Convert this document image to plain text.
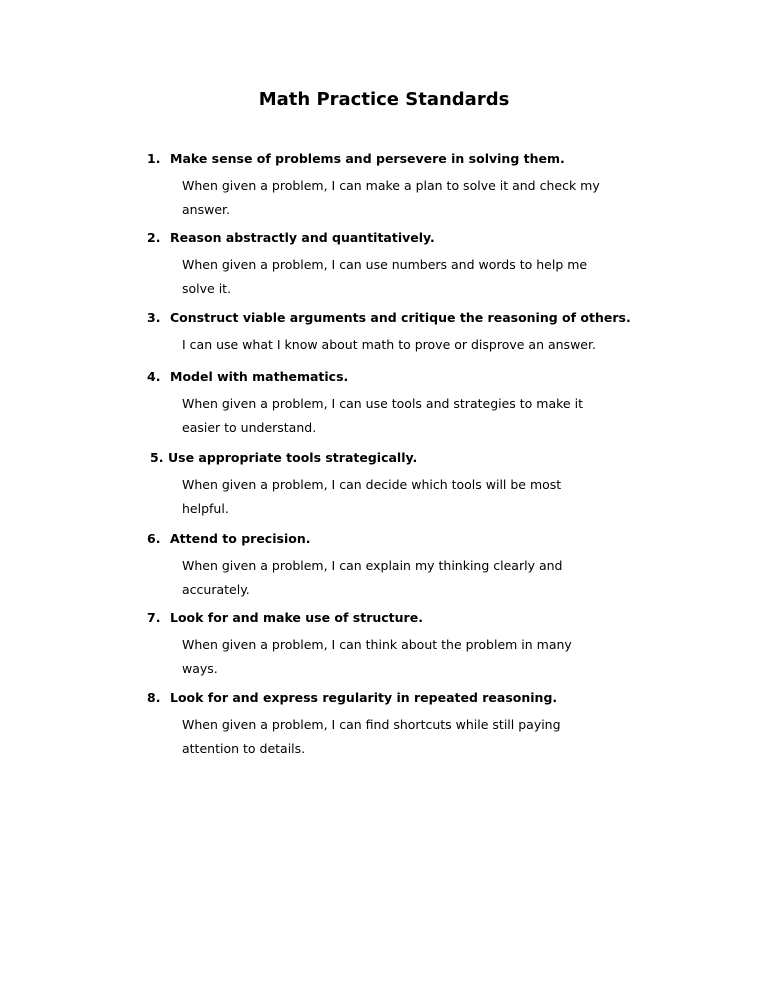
Math Practice Standards
1. Make sense of problems and persevere in solving them.
When given a problem, I can make a plan to solve it and check my answer.
2. Reason abstractly and quantitatively.
When given a problem, I can use numbers and words to help me solve it.
3. Construct viable arguments and critique the reasoning of others.
I can use what I know about math to prove or disprove an answer.
4. Model with mathematics.
When given a problem, I can use tools and strategies to make it easier to understand.
5. Use appropriate tools strategically.
When given a problem, I can decide which tools will be most helpful.
6. Attend to precision.
When given a problem, I can explain my thinking clearly and accurately.
7. Look for and make use of structure.
When given a problem, I can think about the problem in many ways.
8. Look for and express regularity in repeated reasoning.
When given a problem, I can find shortcuts while still paying attention to details.
